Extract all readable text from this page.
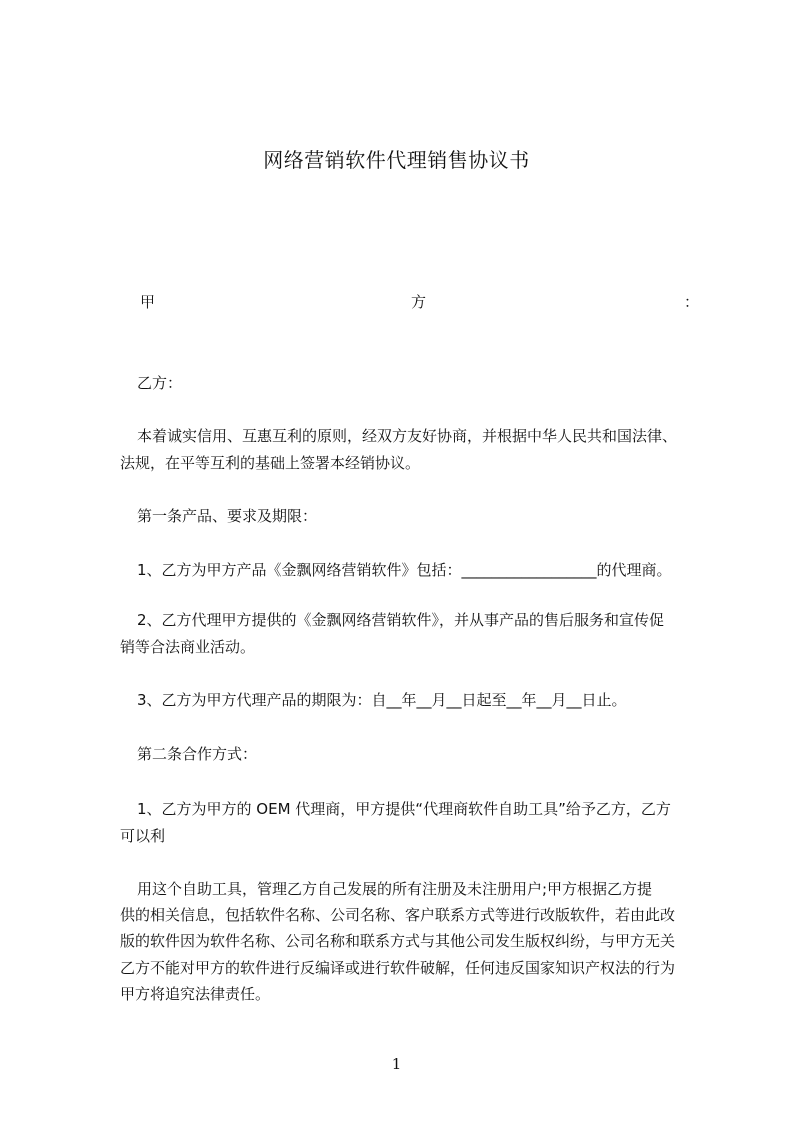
网络营销软件代理销售协议书
甲	方	：
乙方：
本着诚实信用、互惠互利的原则，经双方友好协商，并根据中华人民共和国法律、
法规，在平等互利的基础上签署本经销协议。
第一条产品、要求及期限：
1、乙方为甲方产品《金飘网络营销软件》包括：__________________的代理商。
2、乙方代理甲方提供的《金飘网络营销软件》，并从事产品的售后服务和宣传促
销等合法商业活动。
3、乙方为甲方代理产品的期限为：自__年__月__日起至__年__月__日止。
第二条合作方式：
1、乙方为甲方的 OEM 代理商，甲方提供“代理商软件自助工具”给予乙方，乙方
可以利
用这个自助工具，管理乙方自己发展的所有注册及未注册用户;甲方根据乙方提
供的相关信息，包括软件名称、公司名称、客户联系方式等进行改版软件，若由此改
版的软件因为软件名称、公司名称和联系方式与其他公司发生版权纠纷，与甲方无关
乙方不能对甲方的软件进行反编译或进行软件破解，任何违反国家知识产权法的行为
甲方将追究法律责任。
1
